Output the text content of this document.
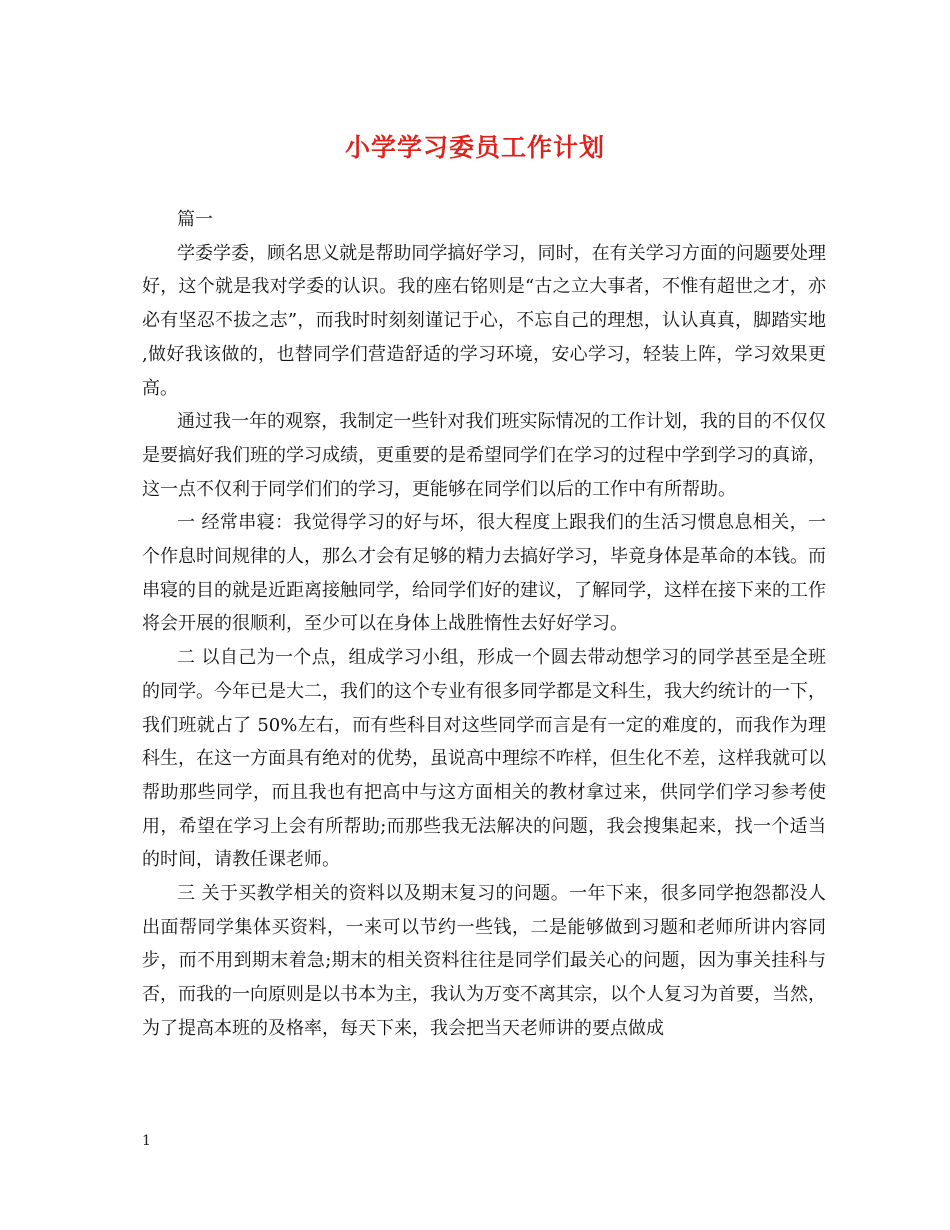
小学学习委员工作计划

篇一

学委学委，顾名思义就是帮助同学搞好学习，同时，在有关学习方面的问题要处理好，这个就是我对学委的认识。我的座右铭则是“古之立大事者，不惟有超世之才，亦必有坚忍不拔之志”，而我时时刻刻谨记于心，不忘自己的理想，认认真真，脚踏实地 ,做好我该做的，也替同学们营造舒适的学习环境，安心学习，轻装上阵，学习效果更高。

通过我一年的观察，我制定一些针对我们班实际情况的工作计划，我的目的不仅仅是要搞好我们班的学习成绩，更重要的是希望同学们在学习的过程中学到学习的真谛，这一点不仅利于同学们们的学习，更能够在同学们以后的工作中有所帮助。

一 经常串寝：我觉得学习的好与坏，很大程度上跟我们的生活习惯息息相关，一个作息时间规律的人，那么才会有足够的精力去搞好学习，毕竟身体是革命的本钱。而串寝的目的就是近距离接触同学，给同学们好的建议，了解同学，这样在接下来的工作将会开展的很顺利，至少可以在身体上战胜惰性去好好学习。

二 以自己为一个点，组成学习小组，形成一个圆去带动想学习的同学甚至是全班的同学。今年已是大二，我们的这个专业有很多同学都是文科生，我大约统计的一下，我们班就占了 50%左右，而有些科目对这些同学而言是有一定的难度的，而我作为理科生，在这一方面具有绝对的优势，虽说高中理综不咋样，但生化不差，这样我就可以帮助那些同学，而且我也有把高中与这方面相关的教材拿过来，供同学们学习参考使用，希望在学习上会有所帮助;而那些我无法解决的问题，我会搜集起来，找一个适当的时间，请教任课老师。

三 关于买教学相关的资料以及期末复习的问题。一年下来，很多同学抱怨都没人出面帮同学集体买资料，一来可以节约一些钱，二是能够做到习题和老师所讲内容同步，而不用到期末着急;期末的相关资料往往是同学们最关心的问题，因为事关挂科与否，而我的一向原则是以书本为主，我认为万变不离其宗，以个人复习为首要，当然，为了提高本班的及格率，每天下来，我会把当天老师讲的要点做成

1
